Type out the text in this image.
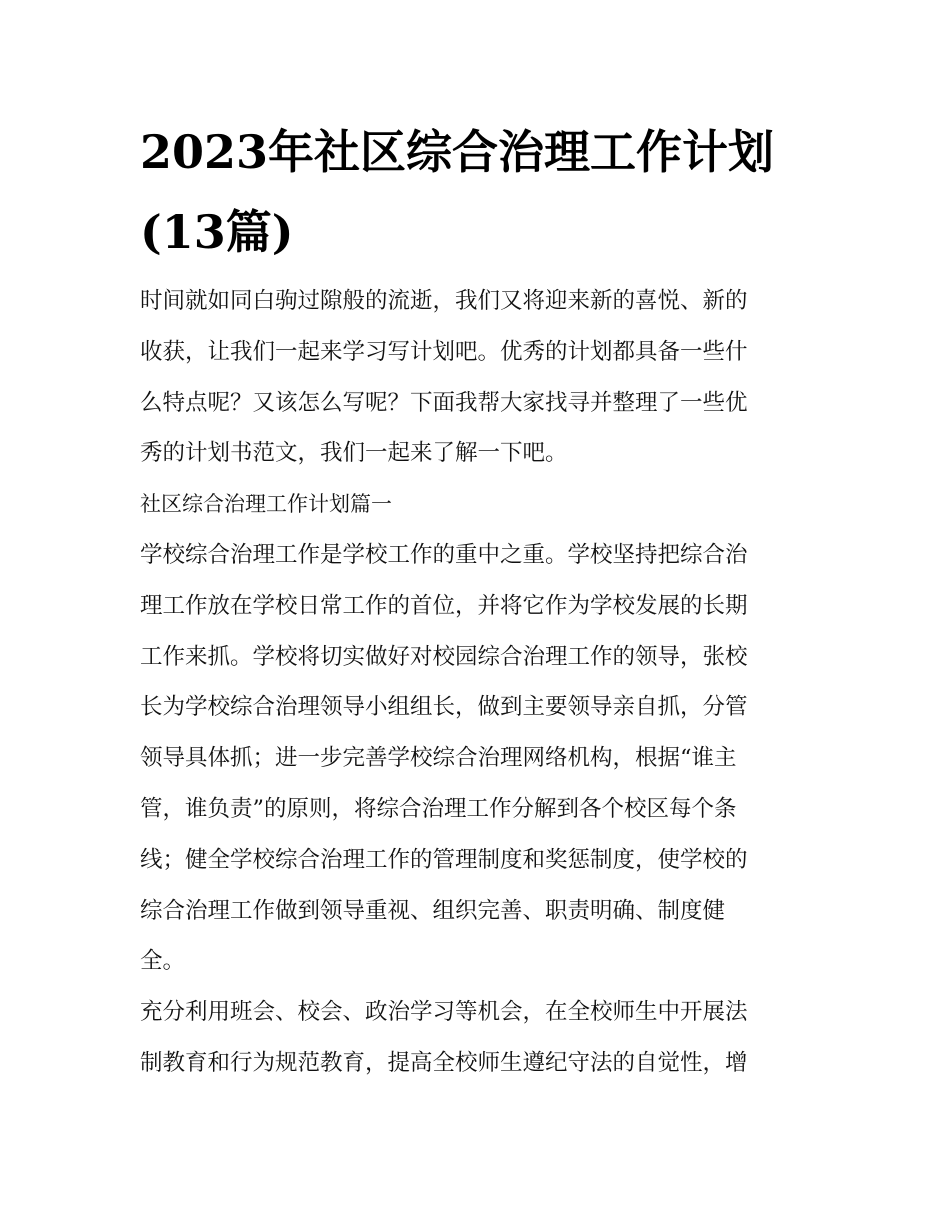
2023年社区综合治理工作计划
(13篇)

时间就如同白驹过隙般的流逝，我们又将迎来新的喜悦、新的
收获，让我们一起来学习写计划吧。优秀的计划都具备一些什
么特点呢？又该怎么写呢？下面我帮大家找寻并整理了一些优
秀的计划书范文，我们一起来了解一下吧。

社区综合治理工作计划篇一

学校综合治理工作是学校工作的重中之重。学校坚持把综合治
理工作放在学校日常工作的首位，并将它作为学校发展的长期
工作来抓。学校将切实做好对校园综合治理工作的领导，张校
长为学校综合治理领导小组组长，做到主要领导亲自抓，分管
领导具体抓；进一步完善学校综合治理网络机构，根据“谁主
管，谁负责”的原则，将综合治理工作分解到各个校区每个条
线；健全学校综合治理工作的管理制度和奖惩制度，使学校的
综合治理工作做到领导重视、组织完善、职责明确、制度健
全。

充分利用班会、校会、政治学习等机会，在全校师生中开展法
制教育和行为规范教育，提高全校师生遵纪守法的自觉性，增
